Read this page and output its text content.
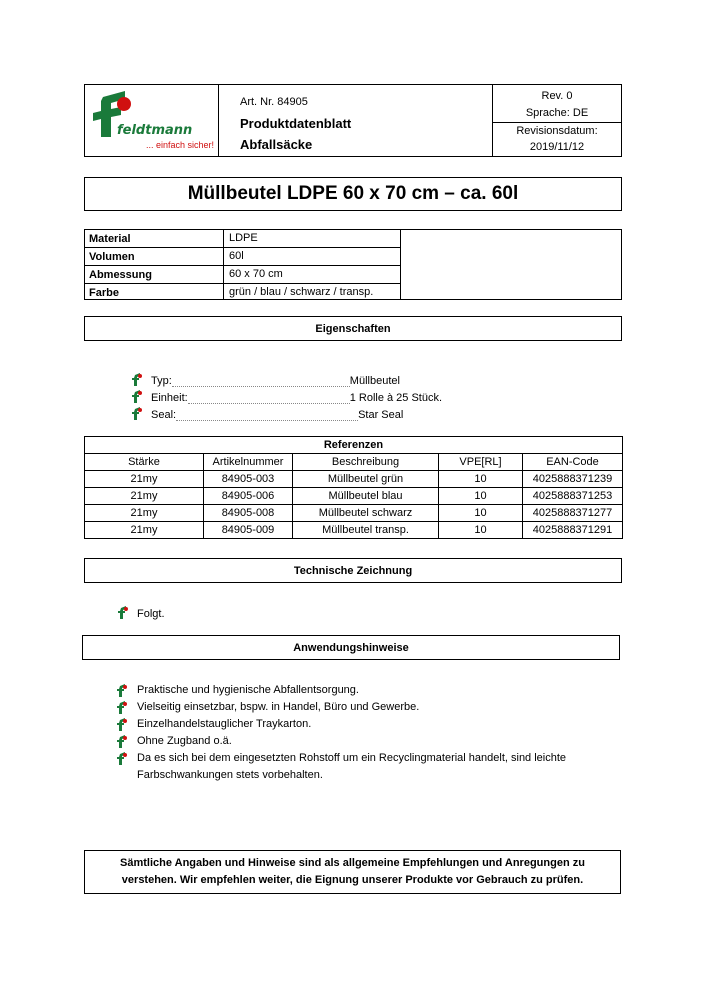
feldtmann
... einfach sicher!
Art. Nr. 84905
Produktdatenblatt
Abfallsäcke
Rev. 0
Sprache: DE
Revisionsdatum:
2019/11/12
Müllbeutel LDPE 60 x 70 cm – ca. 60l
Material	LDPE
Volumen	60l
Abmessung	60 x 70 cm
Farbe	grün / blau / schwarz / transp.
Eigenschaften
Typ:	Müllbeutel
Einheit:	1 Rolle à 25 Stück.
Seal:	Star Seal
Referenzen				
Stärke	Artikelnummer	Beschreibung	VPE[RL]	EAN-Code
21my	84905-003	Müllbeutel grün	10	4025888371239
21my	84905-006	Müllbeutel blau	10	4025888371253
21my	84905-008	Müllbeutel schwarz	10	4025888371277
21my	84905-009	Müllbeutel transp.	10	4025888371291
Technische Zeichnung
Folgt.
Anwendungshinweise
Praktische und hygienische Abfallentsorgung.
Vielseitig einsetzbar, bspw. in Handel, Büro und Gewerbe.
Einzelhandelstauglicher Traykarton.
Ohne Zugband o.ä.
Da es sich bei dem eingesetzten Rohstoff um ein Recyclingmaterial handelt, sind leichte
Farbschwankungen stets vorbehalten.
Sämtliche Angaben und Hinweise sind als allgemeine Empfehlungen und Anregungen zu
verstehen. Wir empfehlen weiter, die Eignung unserer Produkte vor Gebrauch zu prüfen.
